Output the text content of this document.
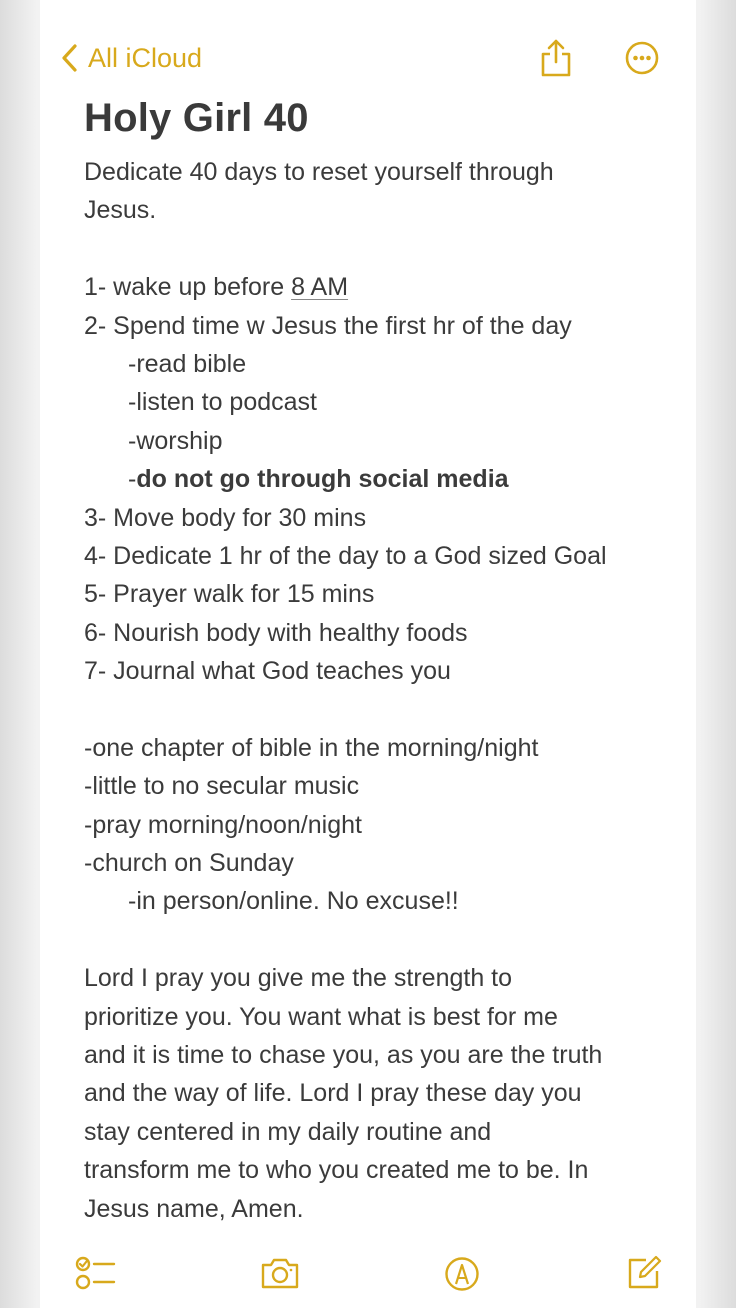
All iCloud
Holy Girl 40
Dedicate 40 days to reset yourself through
Jesus.
1- wake up before 8 AM
2- Spend time w Jesus the first hr of the day
-read bible
-listen to podcast
-worship
-do not go through social media
3- Move body for 30 mins
4- Dedicate 1 hr of the day to a God sized Goal
5- Prayer walk for 15 mins
6- Nourish body with healthy foods
7- Journal what God teaches you
-one chapter of bible in the morning/night
-little to no secular music
-pray morning/noon/night
-church on Sunday
-in person/online. No excuse!!
Lord I pray you give me the strength to
prioritize you. You want what is best for me
and it is time to chase you, as you are the truth
and the way of life. Lord I pray these day you
stay centered in my daily routine and
transform me to who you created me to be. In
Jesus name, Amen.
